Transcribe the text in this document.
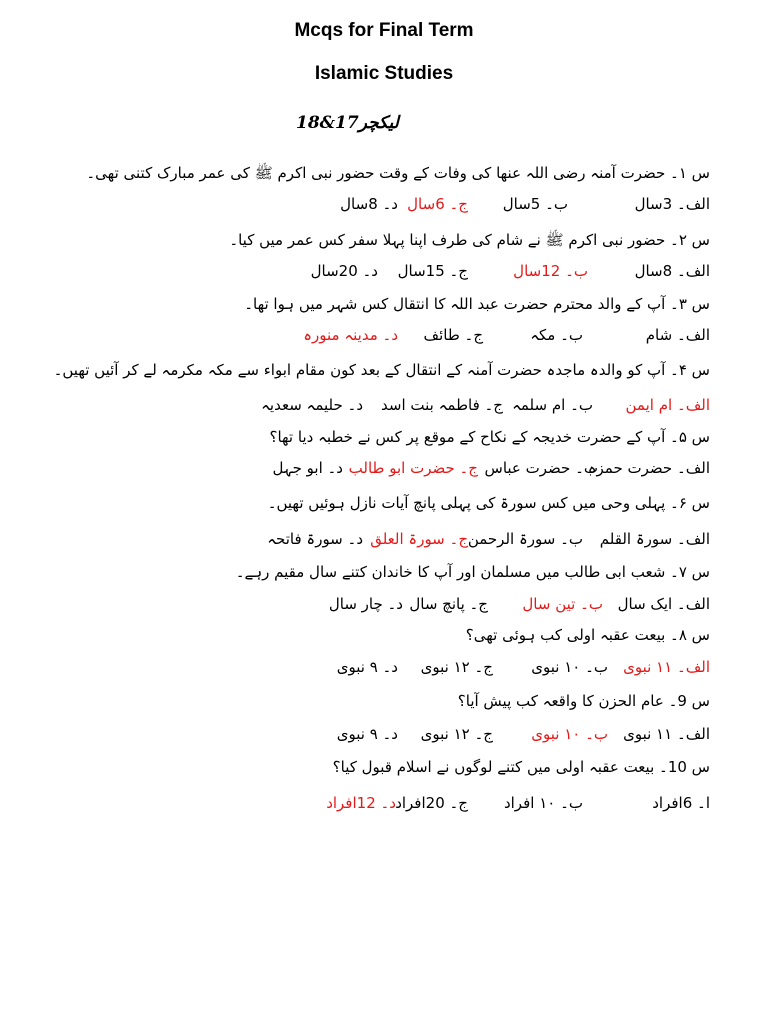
Mcqs for Final Term
Islamic Studies
لیکچر17&18
س ۱۔ حضرت آمنہ رضی اللہ عنھا کی وفات کے وقت حضور نبی اکرم ﷺ کی عمر مبارک کتنی تھی۔
الف۔ 3سال
ب۔ 5سال
ج۔ 6سال
د۔ 8سال
س ۲۔ حضور نبی اکرم ﷺ نے شام کی طرف اپنا پہلا سفر کس عمر میں کیا۔
الف۔ 8سال
ب۔ 12سال
ج۔ 15سال
د۔ 20سال
س ۳۔ آپ کے والد محترم حضرت عبد اللہ کا انتقال کس شہر میں ہوا تھا۔
الف۔ شام
ب۔ مکہ
ج۔ طائف
د۔ مدینہ منورہ
س ۴۔ آپ کو والدہ ماجدہ حضرت آمنہ کے انتقال کے بعد کون مقام ابواء سے مکہ مکرمہ لے کر آئیں تھیں۔
الف۔ ام ایمن
ب۔ ام سلمہ
ج۔ فاطمہ بنت اسد
د۔ حلیمہ سعدیہ
س ۵۔ آپ کے حضرت خدیجہ کے نکاح کے موقع پر کس نے خطبہ دیا تھا؟
الف۔ حضرت حمزہ
ب۔ حضرت عباس
ج۔ حضرت ابو طالب
د۔ ابو جہل
س ۶۔ پہلی وحی میں کس سورۃ کی پہلی پانچ آیات نازل ہوئیں تھیں۔
الف۔ سورۃ القلم
ب۔ سورۃ الرحمن
ج۔ سورۃ العلق
د۔ سورۃ فاتحہ
س ۷۔ شعب ابی طالب میں مسلمان اور آپ کا خاندان کتنے سال مقیم رہے۔
الف۔ ایک سال
ب۔ تین سال
ج۔ پانچ سال
د۔ چار سال
س ۸۔ بیعت عقبہ اولی کب ہوئی تھی؟
الف۔ ۱۱ نبوی
ب۔ ۱۰ نبوی
ج۔ ۱۲ نبوی
د۔ ۹ نبوی
س 9۔ عام الحزن کا واقعہ کب پیش آیا؟
الف۔ ۱۱ نبوی
ب۔ ۱۰ نبوی
ج۔ ۱۲ نبوی
د۔ ۹ نبوی
س 10۔ بیعت عقبہ اولی میں کتنے لوگوں نے اسلام قبول کیا؟
ا۔ 6افراد
ب۔ ۱۰ افراد
ج۔ 20افراد
د۔ 12افراد
